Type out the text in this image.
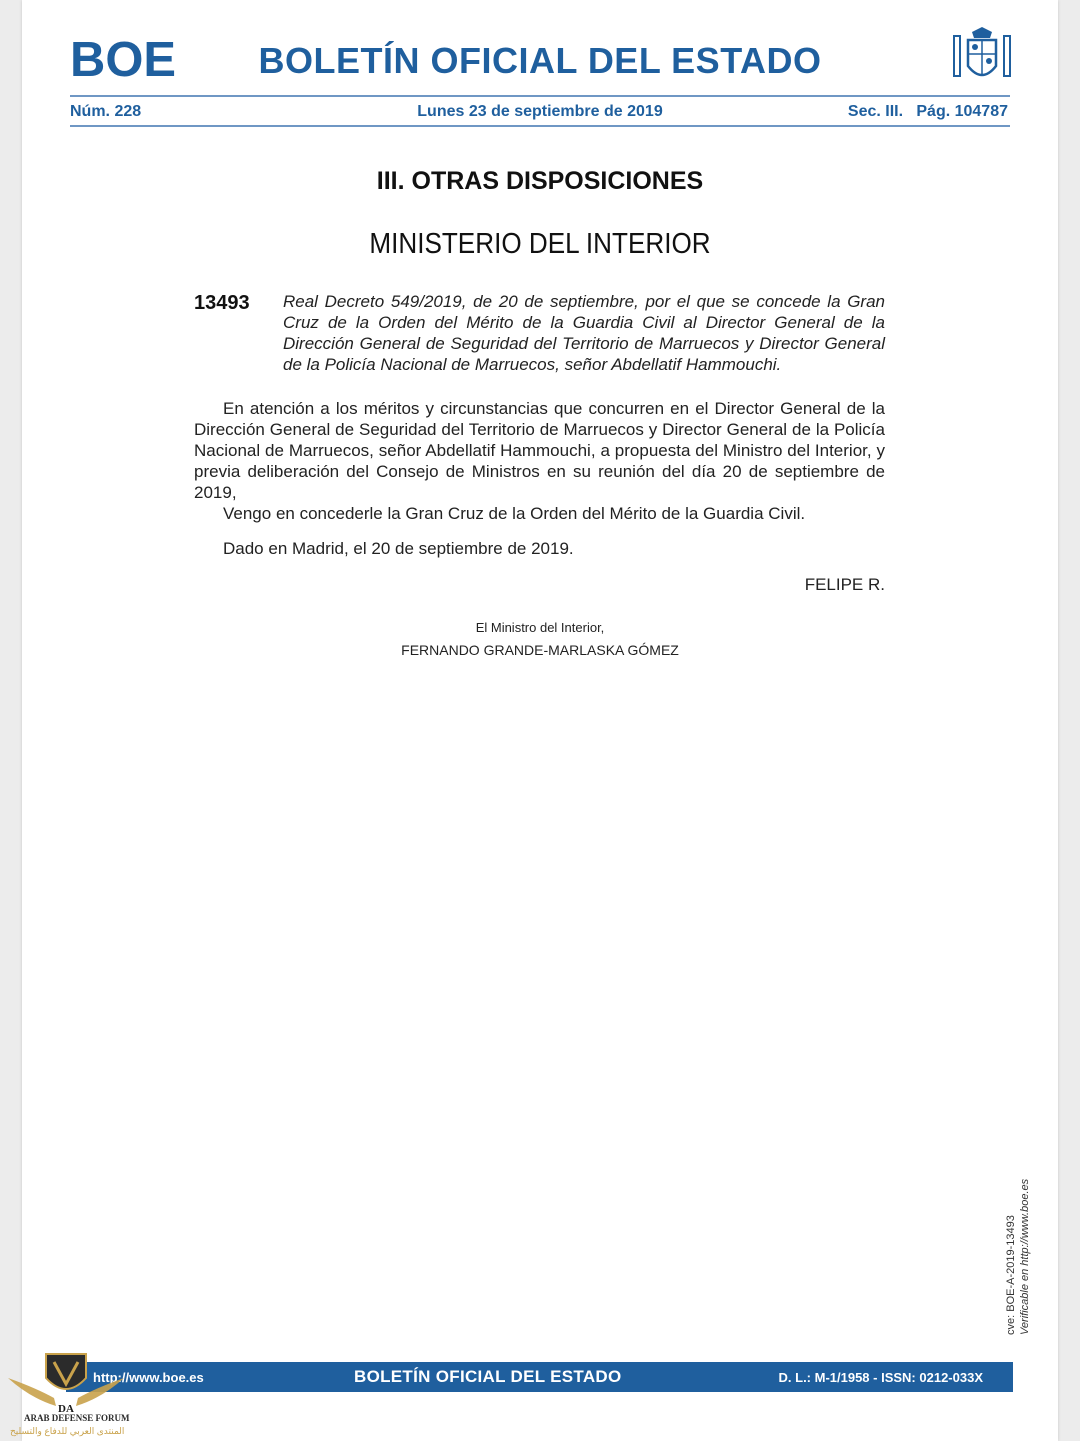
BOE BOLETÍN OFICIAL DEL ESTADO
Núm. 228	Lunes 23 de septiembre de 2019	Sec. III.   Pág. 104787
III. OTRAS DISPOSICIONES
MINISTERIO DEL INTERIOR
13493 Real Decreto 549/2019, de 20 de septiembre, por el que se concede la Gran Cruz de la Orden del Mérito de la Guardia Civil al Director General de la Dirección General de Seguridad del Territorio de Marruecos y Director General de la Policía Nacional de Marruecos, señor Abdellatif Hammouchi.

En atención a los méritos y circunstancias que concurren en el Director General de la Dirección General de Seguridad del Territorio de Marruecos y Director General de la Policía Nacional de Marruecos, señor Abdellatif Hammouchi, a propuesta del Ministro del Interior, y previa deliberación del Consejo de Ministros en su reunión del día 20 de septiembre de 2019,

Vengo en concederle la Gran Cruz de la Orden del Mérito de la Guardia Civil.

Dado en Madrid, el 20 de septiembre de 2019.
FELIPE R.
El Ministro del Interior,
FERNANDO GRANDE-MARLASKA GÓMEZ
cve: BOE-A-2019-13493 Verificable en http://www.boe.es
http://www.boe.es	BOLETÍN OFICIAL DEL ESTADO	D. L.: M-1/1958 - ISSN: 0212-033X
DA
ARAB DEFENSE FORUM
المنتدى العربي للدفاع والتسليح
